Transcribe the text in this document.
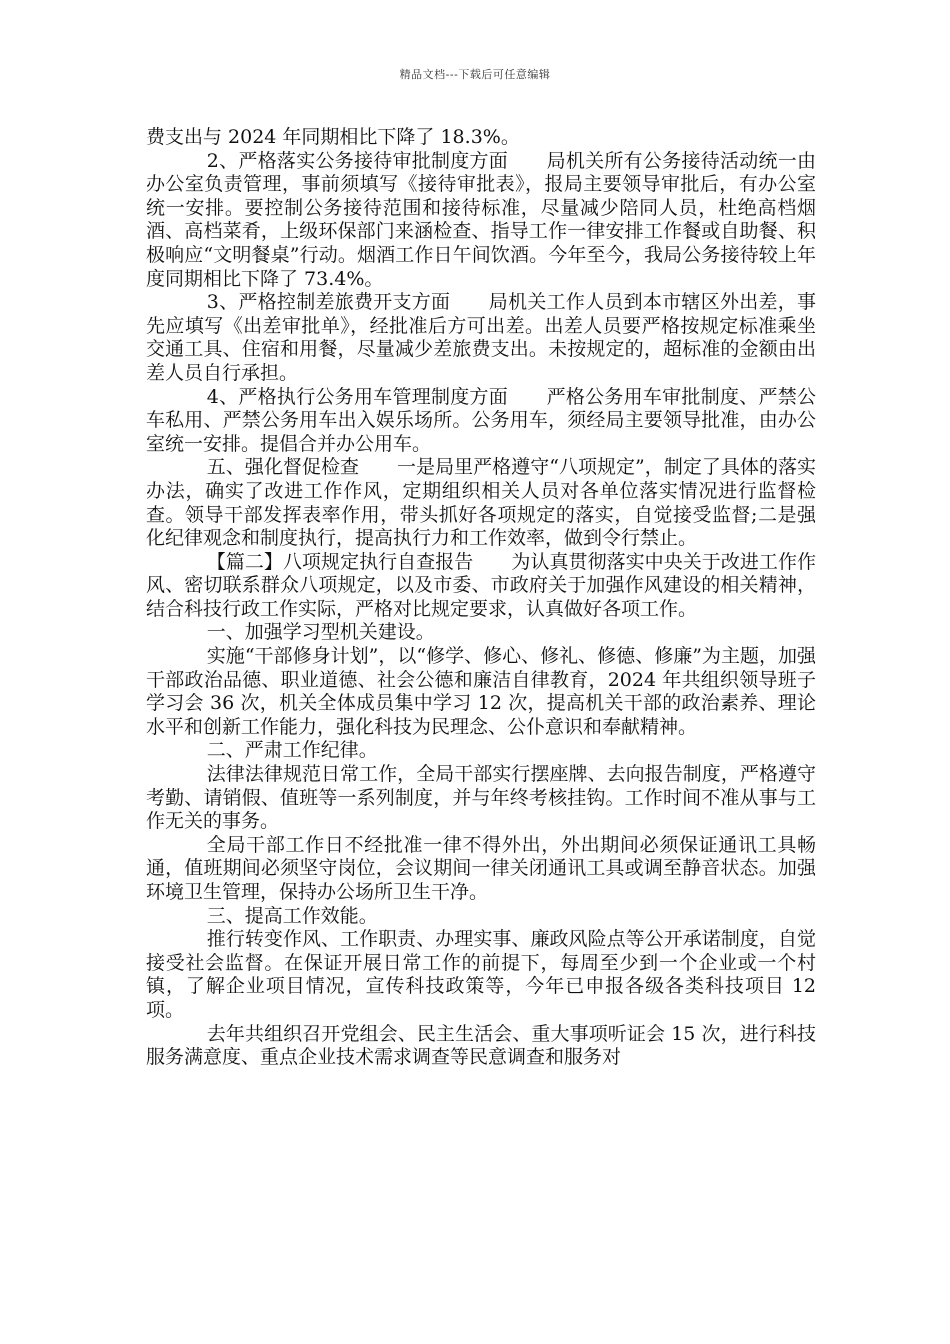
精品文档---下载后可任意编辑

费支出与 2024 年同期相比下降了 18.3%。

2、严格落实公务接待审批制度方面　　局机关所有公务接待活动统一由办公室负责管理，事前须填写《接待审批表》，报局主要领导审批后，有办公室统一安排。要控制公务接待范围和接待标准，尽量减少陪同人员，杜绝高档烟酒、高档菜肴，上级环保部门来涵检查、指导工作一律安排工作餐或自助餐、积极响应“文明餐桌”行动。烟酒工作日午间饮酒。今年至今，我局公务接待较上年度同期相比下降了 73.4%。

3、严格控制差旅费开支方面　　局机关工作人员到本市辖区外出差，事先应填写《出差审批单》，经批准后方可出差。出差人员要严格按规定标准乘坐交通工具、住宿和用餐，尽量减少差旅费支出。未按规定的，超标准的金额由出差人员自行承担。

4、严格执行公务用车管理制度方面　　严格公务用车审批制度、严禁公车私用、严禁公务用车出入娱乐场所。公务用车，须经局主要领导批准，由办公室统一安排。提倡合并办公用车。

五、强化督促检查　　一是局里严格遵守“八项规定”，制定了具体的落实办法，确实了改进工作作风，定期组织相关人员对各单位落实情况进行监督检查。领导干部发挥表率作用，带头抓好各项规定的落实，自觉接受监督;二是强化纪律观念和制度执行，提高执行力和工作效率，做到令行禁止。

【篇二】八项规定执行自查报告　　为认真贯彻落实中央关于改进工作作风、密切联系群众八项规定，以及市委、市政府关于加强作风建设的相关精神，结合科技行政工作实际，严格对比规定要求，认真做好各项工作。

一、加强学习型机关建设。

实施“干部修身计划”，以“修学、修心、修礼、修德、修廉”为主题，加强干部政治品德、职业道德、社会公德和廉洁自律教育，2024 年共组织领导班子学习会 36 次，机关全体成员集中学习 12 次，提高机关干部的政治素养、理论水平和创新工作能力，强化科技为民理念、公仆意识和奉献精神。

二、严肃工作纪律。

法律法律规范日常工作，全局干部实行摆座牌、去向报告制度，严格遵守考勤、请销假、值班等一系列制度，并与年终考核挂钩。工作时间不准从事与工作无关的事务。

全局干部工作日不经批准一律不得外出，外出期间必须保证通讯工具畅通，值班期间必须坚守岗位，会议期间一律关闭通讯工具或调至静音状态。加强环境卫生管理，保持办公场所卫生干净。

三、提高工作效能。

推行转变作风、工作职责、办理实事、廉政风险点等公开承诺制度，自觉接受社会监督。在保证开展日常工作的前提下，每周至少到一个企业或一个村镇，了解企业项目情况，宣传科技政策等，今年已申报各级各类科技项目 12 项。

去年共组织召开党组会、民主生活会、重大事项听证会 15 次，进行科技服务满意度、重点企业技术需求调查等民意调查和服务对
